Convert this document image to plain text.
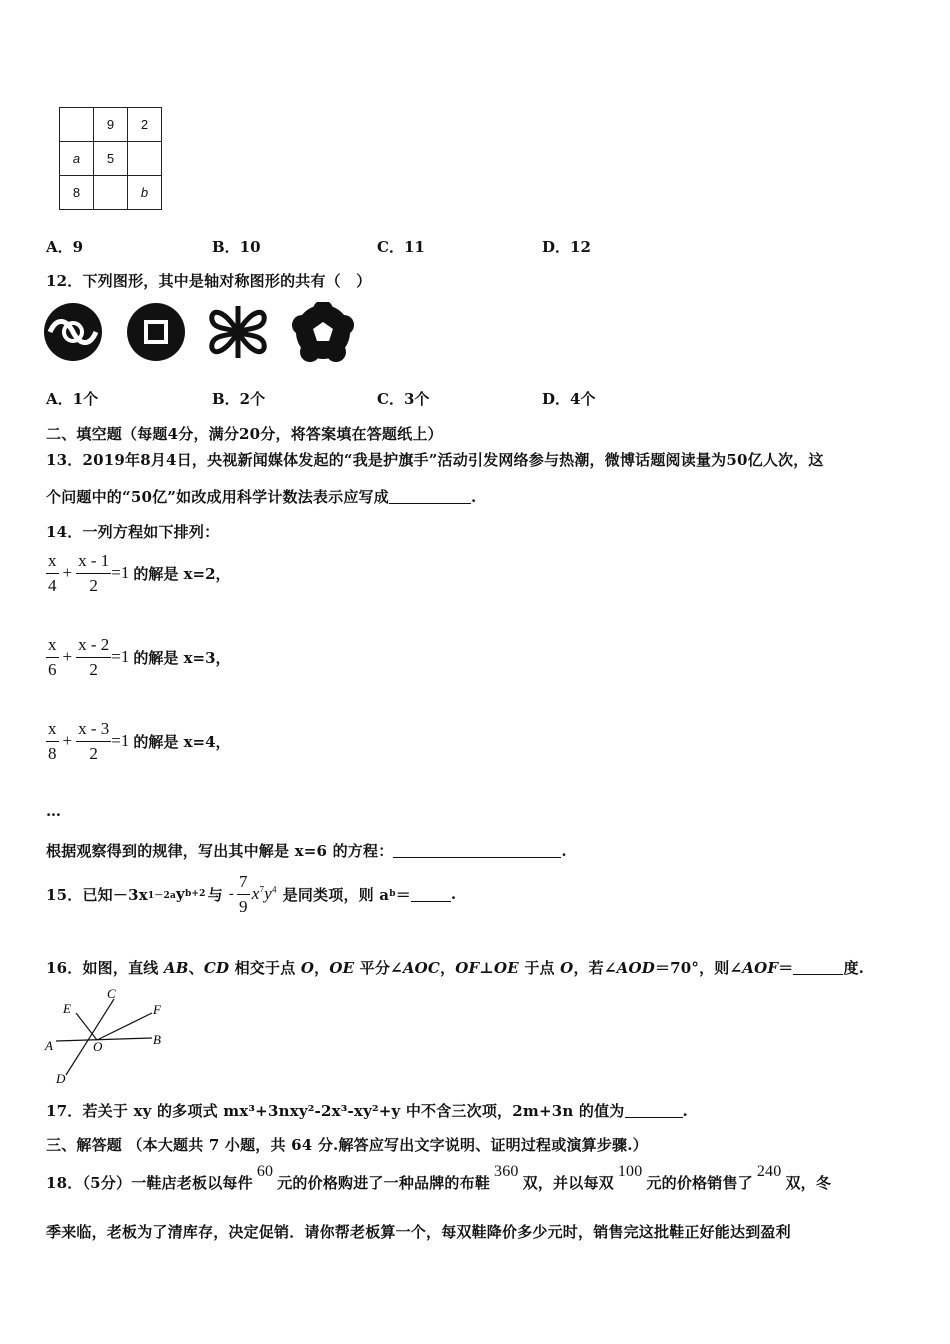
	9	2
a	5	
8		b
A．9	B．10	C．11	D．12
12．下列图形，其中是轴对称图形的共有（　）
A．1个	B．2个	C．3个	D．4个
二、填空题（每题4分，满分20分，将答案填在答题纸上）
13．2019年8月4日，央视新闻媒体发起的“我是护旗手”活动引发网络参与热潮，微博话题阅读量为50亿人次，这
个问题中的“50亿”如改成用科学计数法表示应写成	.
14．一列方程如下排列：
$\frac{x}{4} + \frac{x - 1}{2} =1$ 的解是 x=2，
$\frac{x}{6} + \frac{x - 2}{2} =1$ 的解是 x=3，
$\frac{x}{8} + \frac{x - 3}{2} =1$ 的解是 x=4，
…
根据观察得到的规律，写出其中解是 x=6 的方程：	.
15．已知－3x 1－2a y b+2 与 - $\frac{7}{9} x^7y^4$ 是同类项，则 a b ＝	.
16．如图，直线 AB、CD 相交于点 O，OE 平分∠AOC，OF⊥OE 于点 O，若∠AOD＝70°，则∠AOF＝	度.
E
C
F
A	O	B
D
17．若关于 xy 的多项式 mx³+3nxy²-2x³-xy²+y 中不含三次项，2m+3n 的值为	.
三、解答题 （本大题共 7 小题，共 64 分.解答应写出文字说明、证明过程或演算步骤.）
18．（5分）一鞋店老板以每件60元的价格购进了一种品牌的布鞋360双，并以每双100元的价格销售了240双，冬
季来临，老板为了清库存，决定促销．请你帮老板算一个，每双鞋降价多少元时，销售完这批鞋正好能达到盈利
